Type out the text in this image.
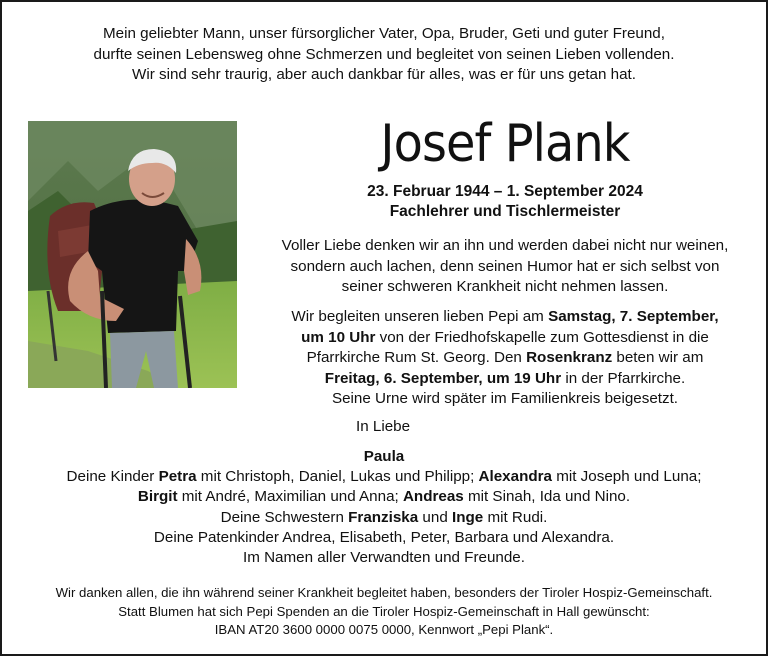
Mein geliebter Mann, unser fürsorglicher Vater, Opa, Bruder, Geti und guter Freund,
durfte seinen Lebensweg ohne Schmerzen und begleitet von seinen Lieben vollenden.
Wir sind sehr traurig, aber auch dankbar für alles, was er für uns getan hat.
Josef Plank
23. Februar 1944 – 1. September 2024
Fachlehrer und Tischlermeister
Voller Liebe denken wir an ihn und werden dabei nicht nur weinen,
sondern auch lachen, denn seinen Humor hat er sich selbst von
seiner schweren Krankheit nicht nehmen lassen.
Wir begleiten unseren lieben Pepi am Samstag, 7. September,
um 10 Uhr von der Friedhofskapelle zum Gottesdienst in die
Pfarrkirche Rum St. Georg. Den Rosenkranz beten wir am
Freitag, 6. September, um 19 Uhr in der Pfarrkirche.
Seine Urne wird später im Familienkreis beigesetzt.
In Liebe
Paula
Deine Kinder Petra mit Christoph, Daniel, Lukas und Philipp; Alexandra mit Joseph und Luna;
Birgit mit André, Maximilian und Anna; Andreas mit Sinah, Ida und Nino.
Deine Schwestern Franziska und Inge mit Rudi.
Deine Patenkinder Andrea, Elisabeth, Peter, Barbara und Alexandra.
Im Namen aller Verwandten und Freunde.
Wir danken allen, die ihn während seiner Krankheit begleitet haben, besonders der Tiroler Hospiz-Gemeinschaft.
Statt Blumen hat sich Pepi Spenden an die Tiroler Hospiz-Gemeinschaft in Hall gewünscht:
IBAN AT20 3600 0000 0075 0000, Kennwort „Pepi Plank“.
